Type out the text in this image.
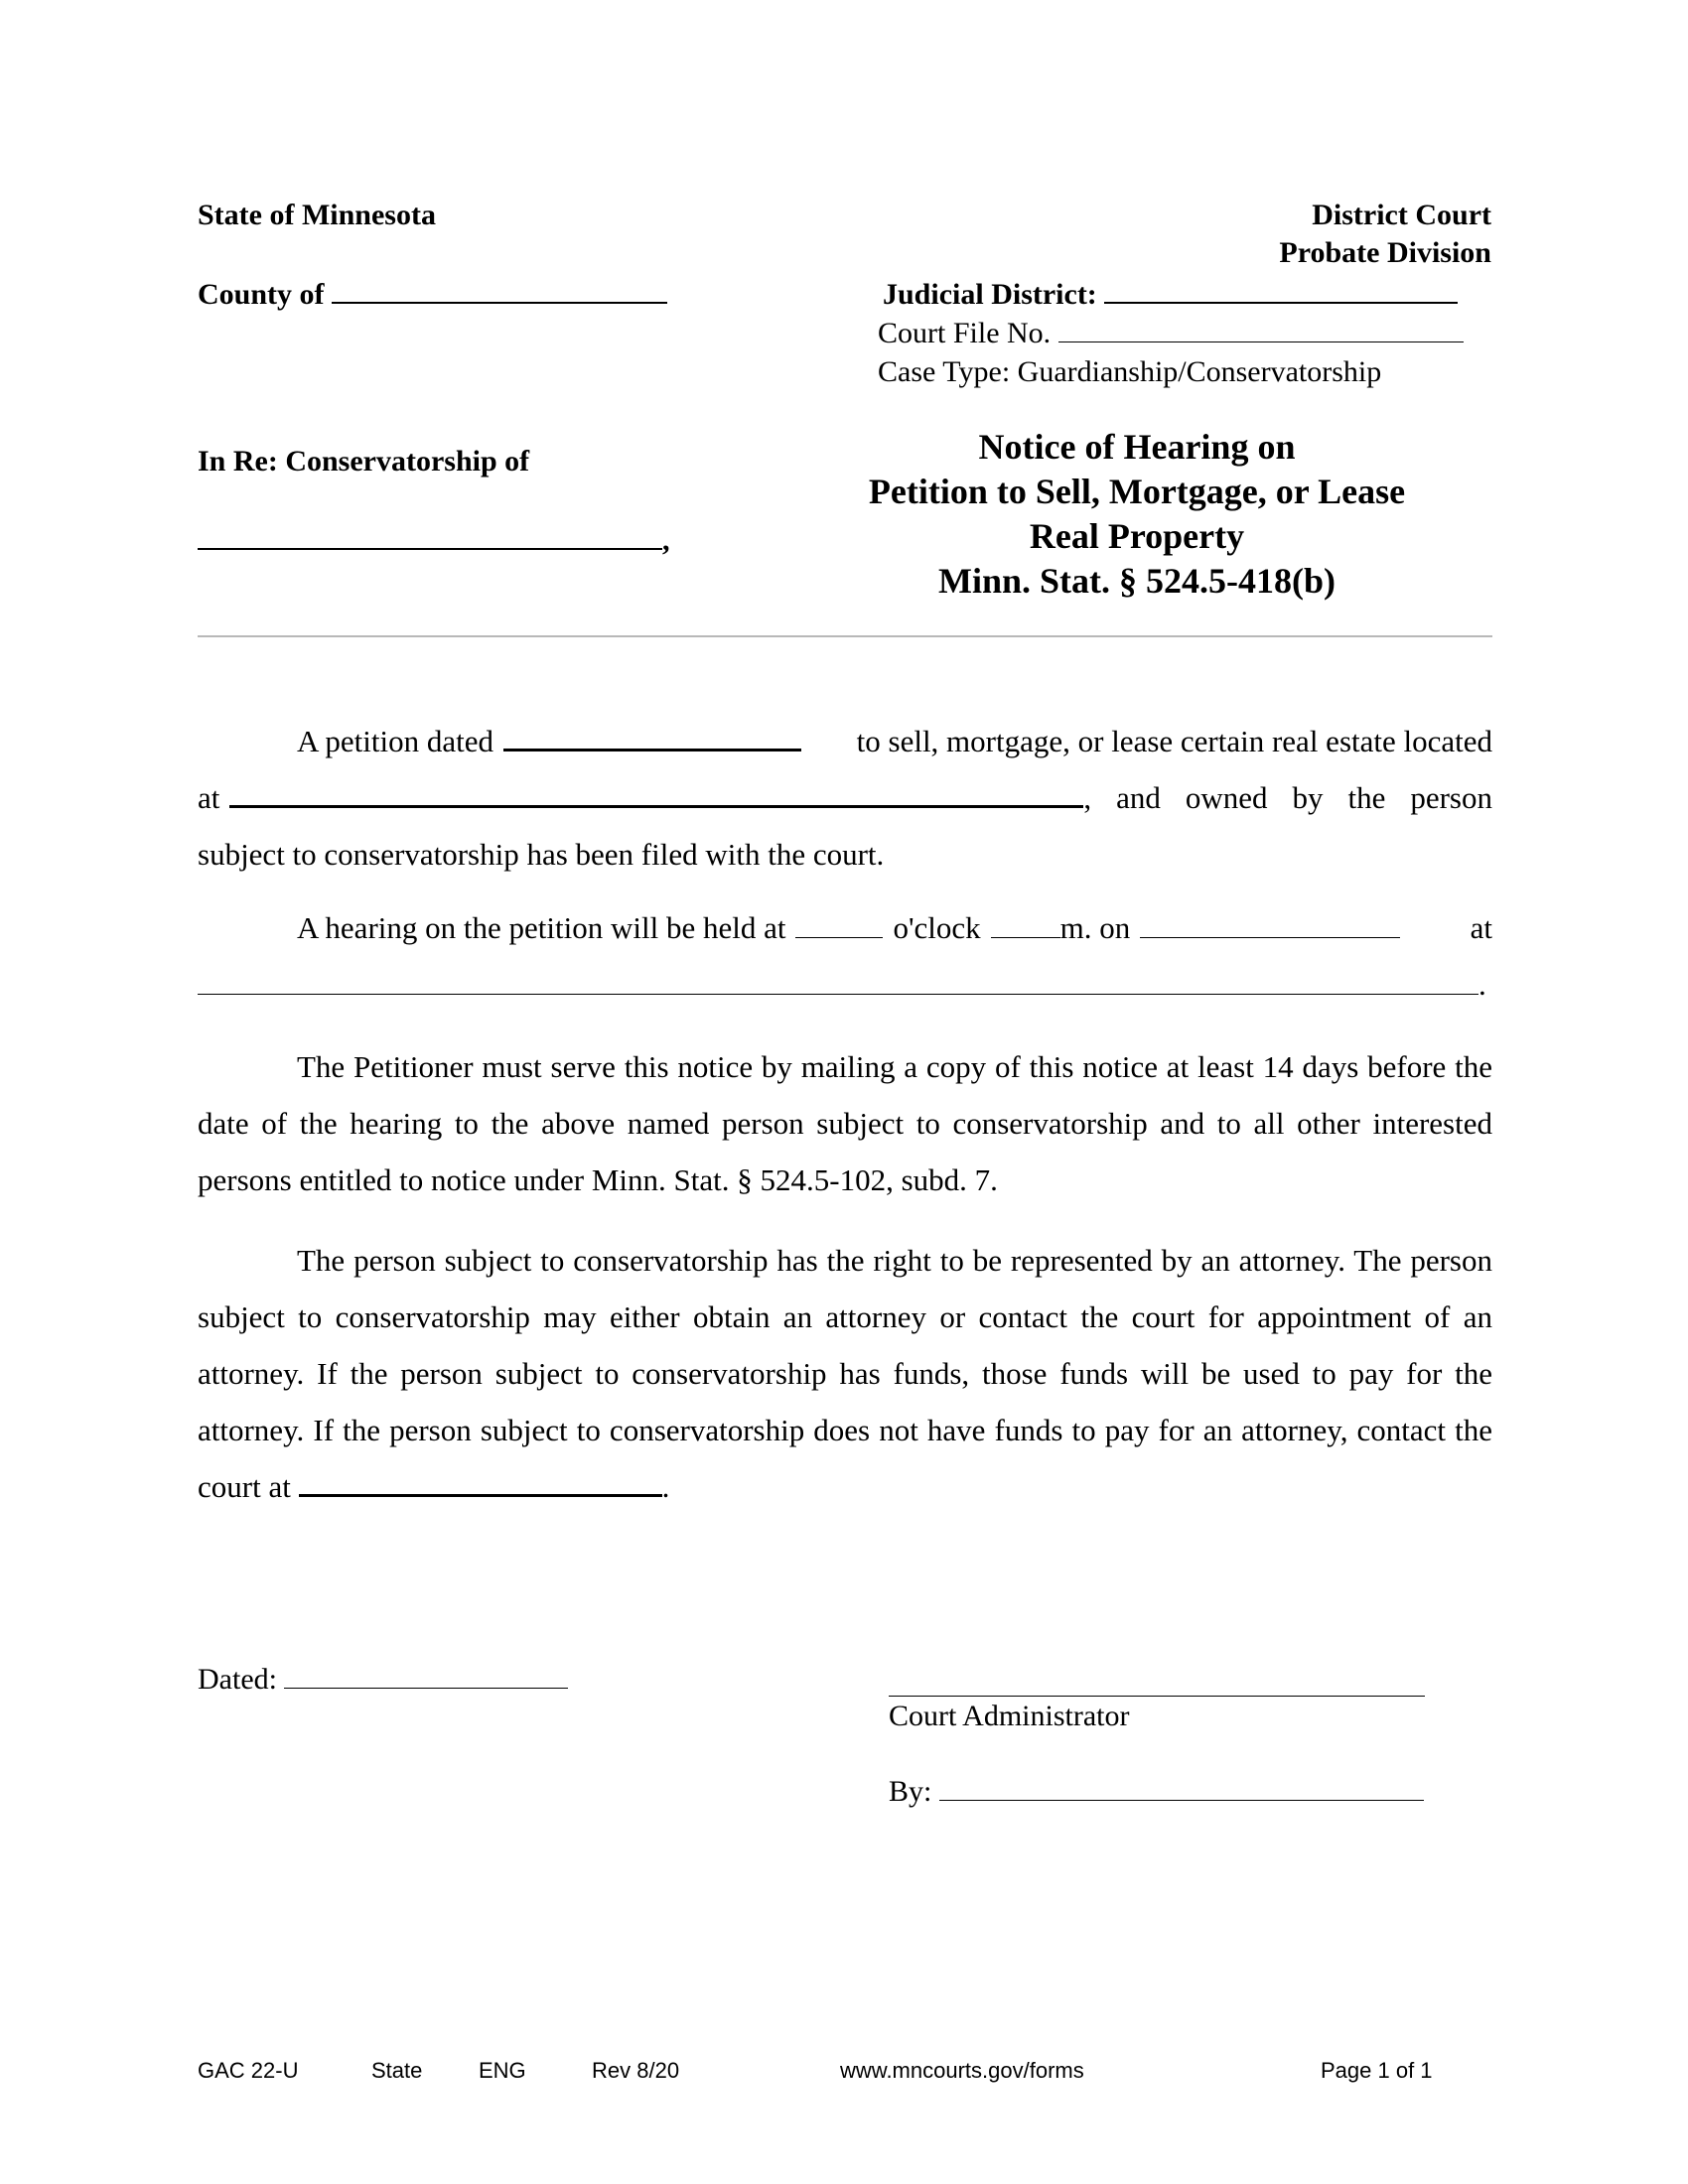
State of Minnesota
County of
District Court
Probate Division
Judicial District:
Court File No.
Case Type: Guardianship/Conservatorship
In Re: Conservatorship of
,
Notice of Hearing on
Petition to Sell, Mortgage, or Lease
Real Property
Minn. Stat. § 524.5-418(b)
A petition dated	to sell, mortgage, or lease certain real estate located
at	, and owned by the person
subject to conservatorship has been filed with the court.
A hearing on the petition will be held at	o'clock	m. on	at
.
The Petitioner must serve this notice by mailing a copy of this notice at least 14 days before the date of the hearing to the above named person subject to conservatorship and to all other interested persons entitled to notice under Minn. Stat. § 524.5-102, subd. 7.
The person subject to conservatorship has the right to be represented by an attorney. The person subject to conservatorship may either obtain an attorney or contact the court for appointment of an attorney. If the person subject to conservatorship has funds, those funds will be used to pay for the attorney. If the person subject to conservatorship does not have funds to pay for an attorney, contact the court at	.
Dated:
Court Administrator
By:
GAC 22-U	State	ENG	Rev 8/20	www.mncourts.gov/forms	Page 1 of 1
